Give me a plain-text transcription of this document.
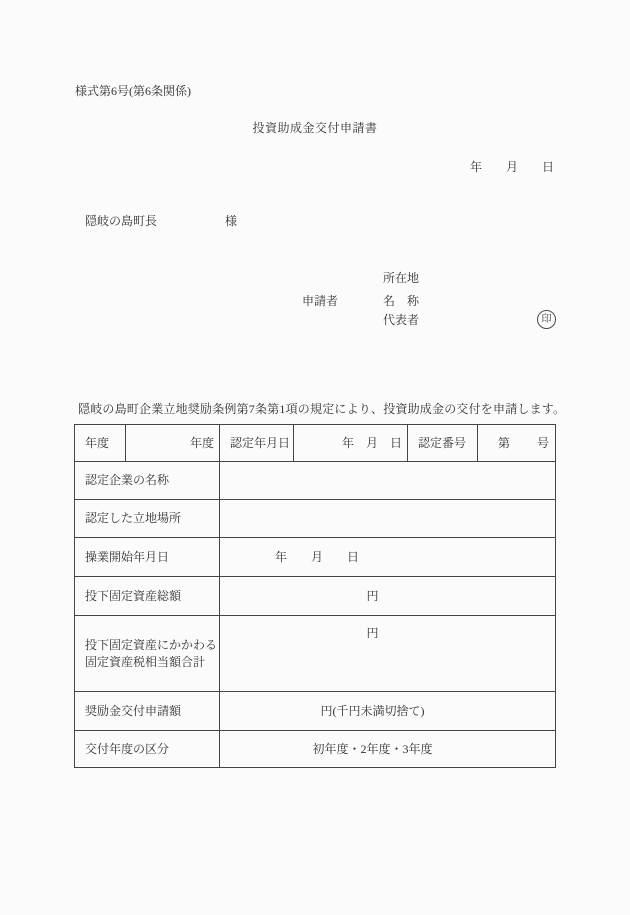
様式第6号(第6条関係)
投資助成金交付申請書
年　　月　　日
隠岐の島町長	様
申請者
所在地
名　称
代表者	印
隠岐の島町企業立地奨励条例第7条第1項の規定により、投資助成金の交付を申請します。
年度	年度	認定年月日	年　月　日	認定番号	第 号

認定企業の名称					
認定した立地場所					
操業開始年月日		年　　月　　日			
投下固定資産総額		円			

投下固定資産にかかわる
固定資産税相当額合計		円			
奨励金交付申請額		円(千円未満切捨て)			
交付年度の区分		初年度・2年度・3年度			
